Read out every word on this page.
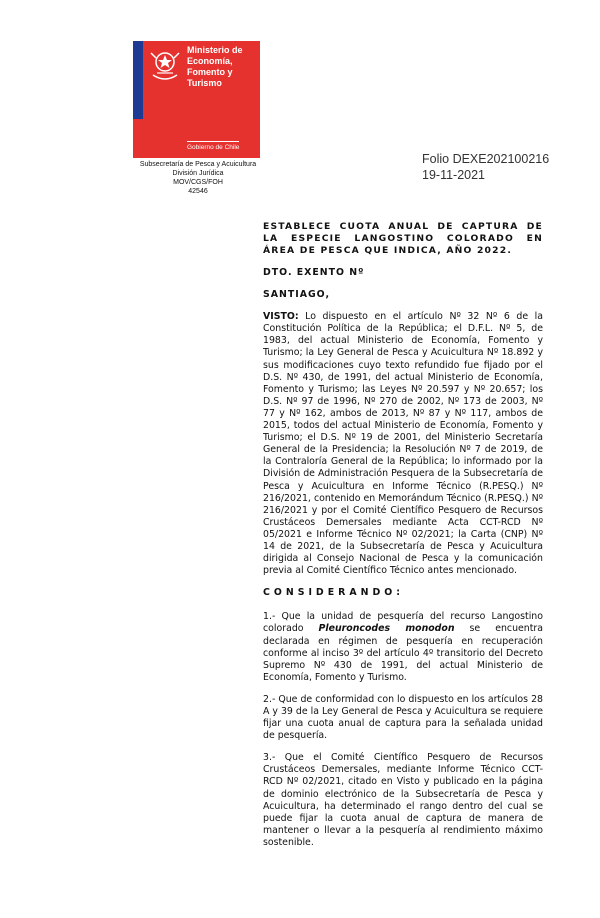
Ministerio de
Economía,
Fomento y
Turismo
Gobierno de Chile
Subsecretaría de Pesca y Acuicultura
División Jurídica
MOV/CGS/FOH
42546
Folio DEXE202100216
19-11-2021
ESTABLECE CUOTA ANUAL DE CAPTURA DE LA ESPECIE LANGOSTINO COLORADO EN ÁREA DE PESCA QUE INDICA, AÑO 2022.
DTO. EXENTO Nº
SANTIAGO,

VISTO: Lo dispuesto en el artículo Nº 32 Nº 6 de la Constitución Política de la República; el D.F.L. Nº 5, de 1983, del actual Ministerio de Economía, Fomento y Turismo; la Ley General de Pesca y Acuicultura Nº 18.892 y sus modificaciones cuyo texto refundido fue fijado por el D.S. Nº 430, de 1991, del actual Ministerio de Economía, Fomento y Turismo; las Leyes Nº 20.597 y Nº 20.657; los D.S. Nº 97 de 1996, Nº 270 de 2002, Nº 173 de 2003, Nº 77 y Nº 162, ambos de 2013, Nº 87 y Nº 117, ambos de 2015, todos del actual Ministerio de Economía, Fomento y Turismo; el D.S. Nº 19 de 2001, del Ministerio Secretaría General de la Presidencia; la Resolución Nº 7 de 2019, de la Contraloría General de la República; lo informado por la División de Administración Pesquera de la Subsecretaría de Pesca y Acuicultura en Informe Técnico (R.PESQ.) Nº 216/2021, contenido en Memorándum Técnico (R.PESQ.) Nº 216/2021 y por el Comité Científico Pesquero de Recursos Crustáceos Demersales mediante Acta CCT-RCD Nº 05/2021 e Informe Técnico Nº 02/2021; la Carta (CNP) Nº 14 de 2021, de la Subsecretaría de Pesca y Acuicultura dirigida al Consejo Nacional de Pesca y la comunicación previa al Comité Científico Técnico antes mencionado.

CONSIDERANDO:

1.- Que la unidad de pesquería del recurso Langostino colorado Pleuroncodes monodon se encuentra declarada en régimen de pesquería en recuperación conforme al inciso 3º del artículo 4º transitorio del Decreto Supremo Nº 430 de 1991, del actual Ministerio de Economía, Fomento y Turismo.

2.- Que de conformidad con lo dispuesto en los artículos 28 A y 39 de la Ley General de Pesca y Acuicultura se requiere fijar una cuota anual de captura para la señalada unidad de pesquería.

3.- Que el Comité Científico Pesquero de Recursos Crustáceos Demersales, mediante Informe Técnico CCT-RCD Nº 02/2021, citado en Visto y publicado en la página de dominio electrónico de la Subsecretaría de Pesca y Acuicultura, ha determinado el rango dentro del cual se puede fijar la cuota anual de captura de manera de mantener o llevar a la pesquería al rendimiento máximo sostenible.
